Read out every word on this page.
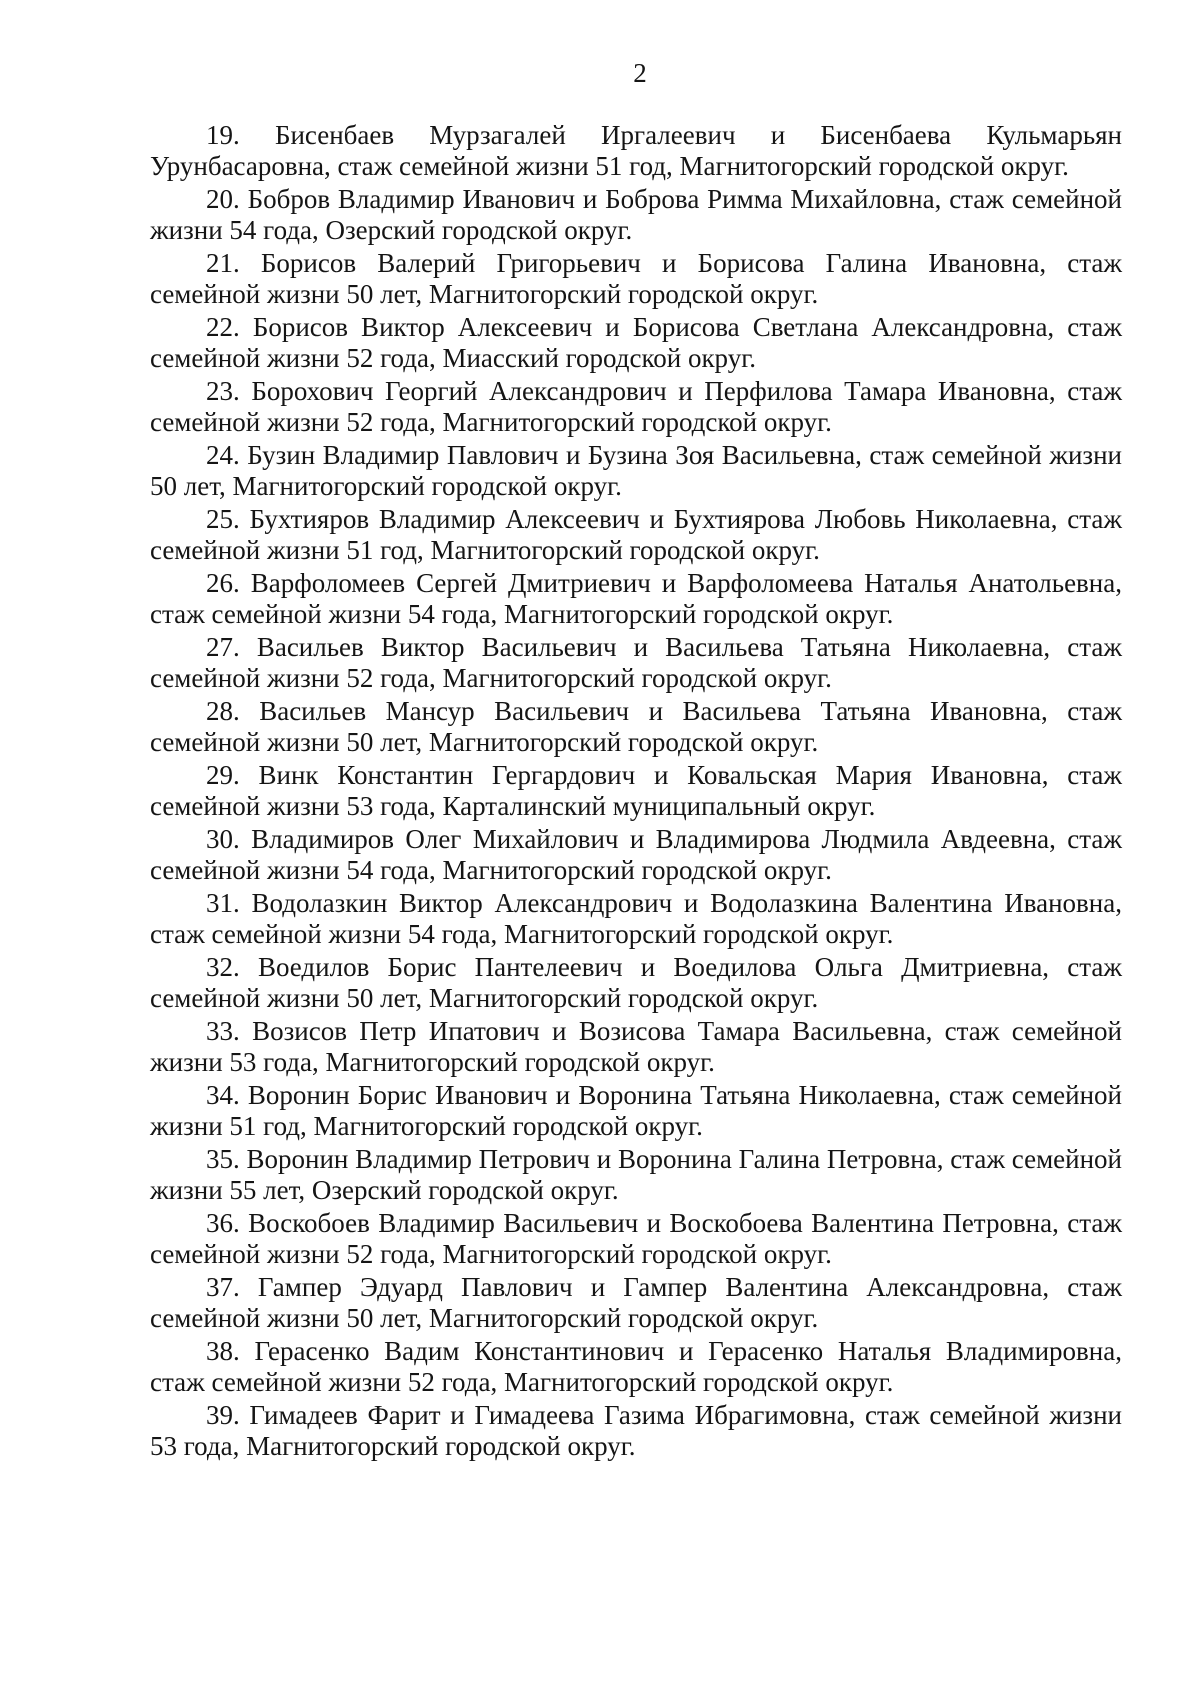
2

19. Бисенбаев Мурзагалей Иргалеевич и Бисенбаева Кульмарьян Урунбасаровна, стаж семейной жизни 51 год, Магнитогорский городской округ.

20. Бобров Владимир Иванович и Боброва Римма Михайловна, стаж семейной жизни 54 года, Озерский городской округ.

21. Борисов Валерий Григорьевич и Борисова Галина Ивановна, стаж семейной жизни 50 лет, Магнитогорский городской округ.

22. Борисов Виктор Алексеевич и Борисова Светлана Александровна, стаж семейной жизни 52 года, Миасский городской округ.

23. Борохович Георгий Александрович и Перфилова Тамара Ивановна, стаж семейной жизни 52 года, Магнитогорский городской округ.

24. Бузин Владимир Павлович и Бузина Зоя Васильевна, стаж семейной жизни 50 лет, Магнитогорский городской округ.

25. Бухтияров Владимир Алексеевич и Бухтиярова Любовь Николаевна, стаж семейной жизни 51 год, Магнитогорский городской округ.

26. Варфоломеев Сергей Дмитриевич и Варфоломеева Наталья Анатольевна, стаж семейной жизни 54 года, Магнитогорский городской округ.

27. Васильев Виктор Васильевич и Васильева Татьяна Николаевна, стаж семейной жизни 52 года, Магнитогорский городской округ.

28. Васильев Мансур Васильевич и Васильева Татьяна Ивановна, стаж семейной жизни 50 лет, Магнитогорский городской округ.

29. Винк Константин Гергардович и Ковальская Мария Ивановна, стаж семейной жизни 53 года, Карталинский муниципальный округ.

30. Владимиров Олег Михайлович и Владимирова Людмила Авдеевна, стаж семейной жизни 54 года, Магнитогорский городской округ.

31. Водолазкин Виктор Александрович и Водолазкина Валентина Ивановна, стаж семейной жизни 54 года, Магнитогорский городской округ.

32. Воедилов Борис Пантелеевич и Воедилова Ольга Дмитриевна, стаж семейной жизни 50 лет, Магнитогорский городской округ.

33. Возисов Петр Ипатович и Возисова Тамара Васильевна, стаж семейной жизни 53 года, Магнитогорский городской округ.

34. Воронин Борис Иванович и Воронина Татьяна Николаевна, стаж семейной жизни 51 год, Магнитогорский городской округ.

35. Воронин Владимир Петрович и Воронина Галина Петровна, стаж семейной жизни 55 лет, Озерский городской округ.

36. Воскобоев Владимир Васильевич и Воскобоева Валентина Петровна, стаж семейной жизни 52 года, Магнитогорский городской округ.

37. Гампер Эдуард Павлович и Гампер Валентина Александровна, стаж семейной жизни 50 лет, Магнитогорский городской округ.

38. Герасенко Вадим Константинович и Герасенко Наталья Владимировна, стаж семейной жизни 52 года, Магнитогорский городской округ.

39. Гимадеев Фарит и Гимадеева Газима Ибрагимовна, стаж семейной жизни 53 года, Магнитогорский городской округ.
